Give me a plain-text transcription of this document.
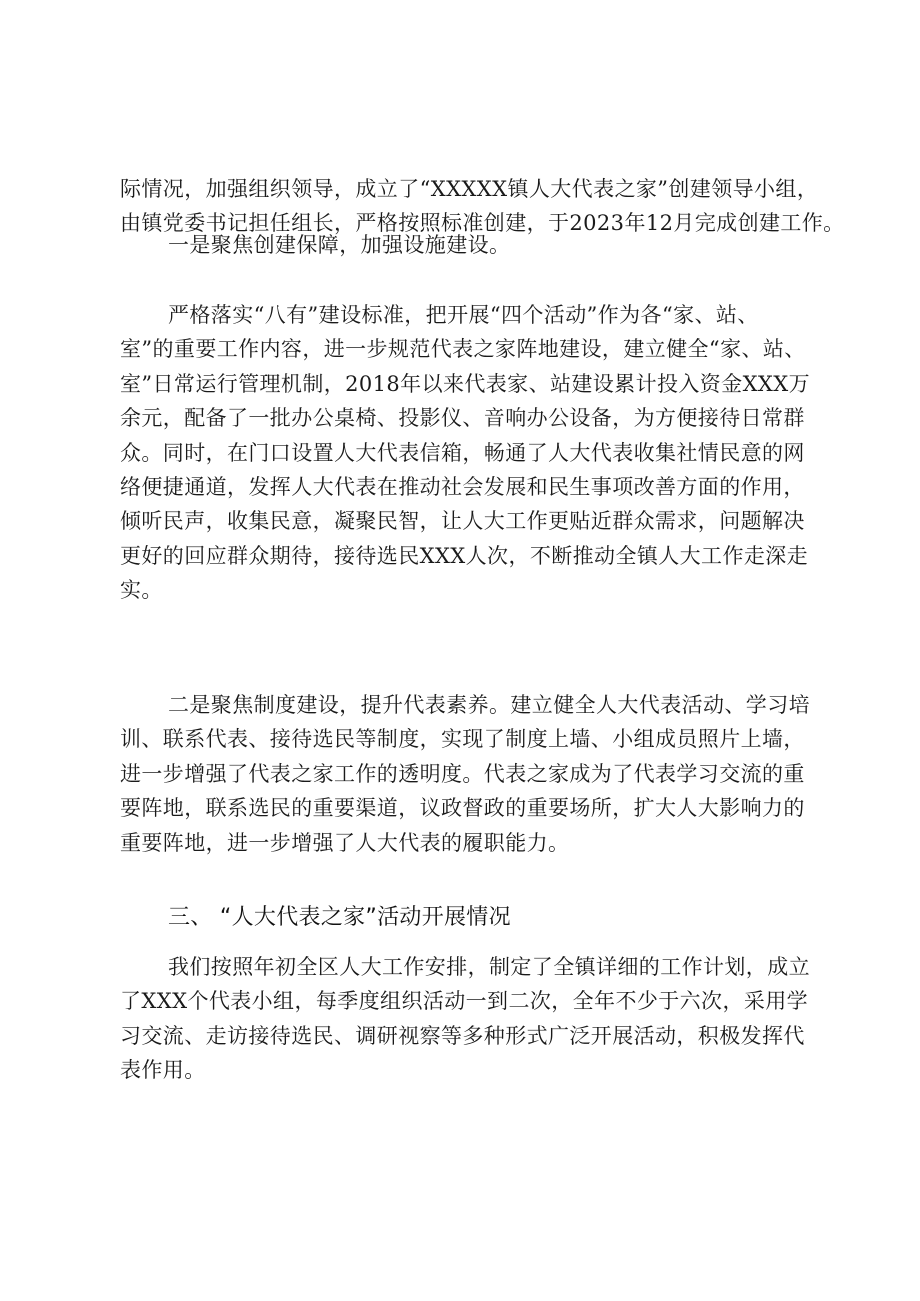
际情况，加强组织领导，成立了“XXXXX镇人大代表之家”创建领导小组，
由镇党委书记担任组长，严格按照标准创建，于2023年12月完成创建工作。
一是聚焦创建保障，加强设施建设。
严格落实“八有”建设标准，把开展“四个活动”作为各“家、站、
室”的重要工作内容，进一步规范代表之家阵地建设，建立健全“家、站、
室”日常运行管理机制，2018年以来代表家、站建设累计投入资金XXX万
余元，配备了一批办公桌椅、投影仪、音响办公设备，为方便接待日常群
众。同时，在门口设置人大代表信箱，畅通了人大代表收集社情民意的网
络便捷通道，发挥人大代表在推动社会发展和民生事项改善方面的作用，
倾听民声，收集民意，凝聚民智，让人大工作更贴近群众需求，问题解决
更好的回应群众期待，接待选民XXX人次，不断推动全镇人大工作走深走
实。
二是聚焦制度建设，提升代表素养。建立健全人大代表活动、学习培
训、联系代表、接待选民等制度，实现了制度上墙、小组成员照片上墙，
进一步增强了代表之家工作的透明度。代表之家成为了代表学习交流的重
要阵地，联系选民的重要渠道，议政督政的重要场所，扩大人大影响力的
重要阵地，进一步增强了人大代表的履职能力。
三、 “人大代表之家”活动开展情况
我们按照年初全区人大工作安排，制定了全镇详细的工作计划，成立
了XXX个代表小组，每季度组织活动一到二次，全年不少于六次，采用学
习交流、走访接待选民、调研视察等多种形式广泛开展活动，积极发挥代
表作用。
